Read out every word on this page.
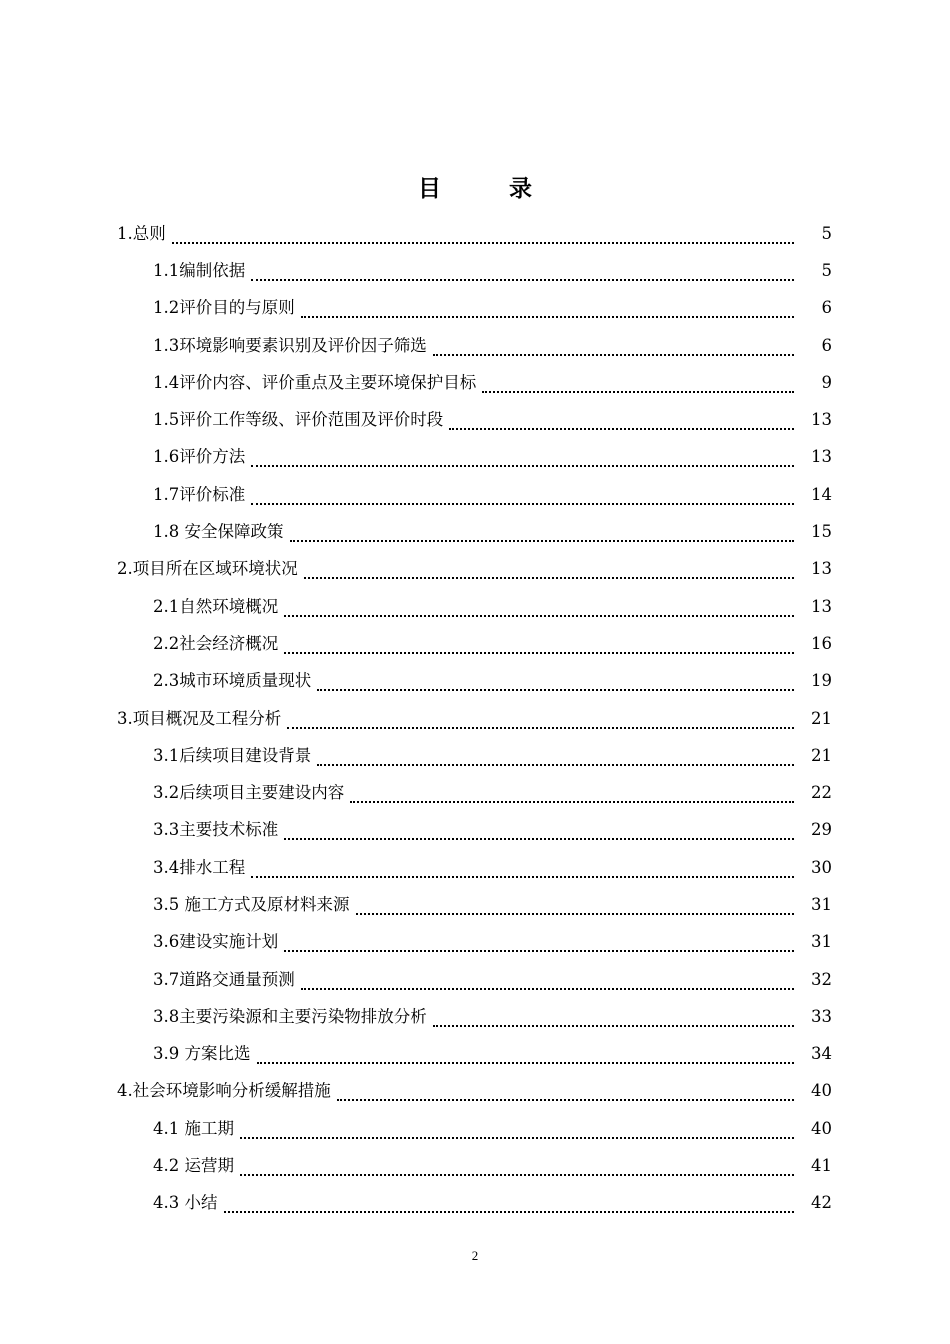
目 录
1.总则	5
1.1编制依据	5
1.2评价目的与原则	6
1.3环境影响要素识别及评价因子筛选	6
1.4评价内容、评价重点及主要环境保护目标	9
1.5评价工作等级、评价范围及评价时段	13
1.6评价方法	13
1.7评价标准	14
1.8 安全保障政策	15
2.项目所在区域环境状况	13
2.1自然环境概况	13
2.2社会经济概况	16
2.3城市环境质量现状	19
3.项目概况及工程分析	21
3.1后续项目建设背景	21
3.2后续项目主要建设内容	22
3.3主要技术标准	29
3.4排水工程	30
3.5 施工方式及原材料来源	31
3.6建设实施计划	31
3.7道路交通量预测	32
3.8主要污染源和主要污染物排放分析	33
3.9 方案比选	34
4.社会环境影响分析缓解措施	40
4.1 施工期	40
4.2 运营期	41
4.3 小结	42
2
